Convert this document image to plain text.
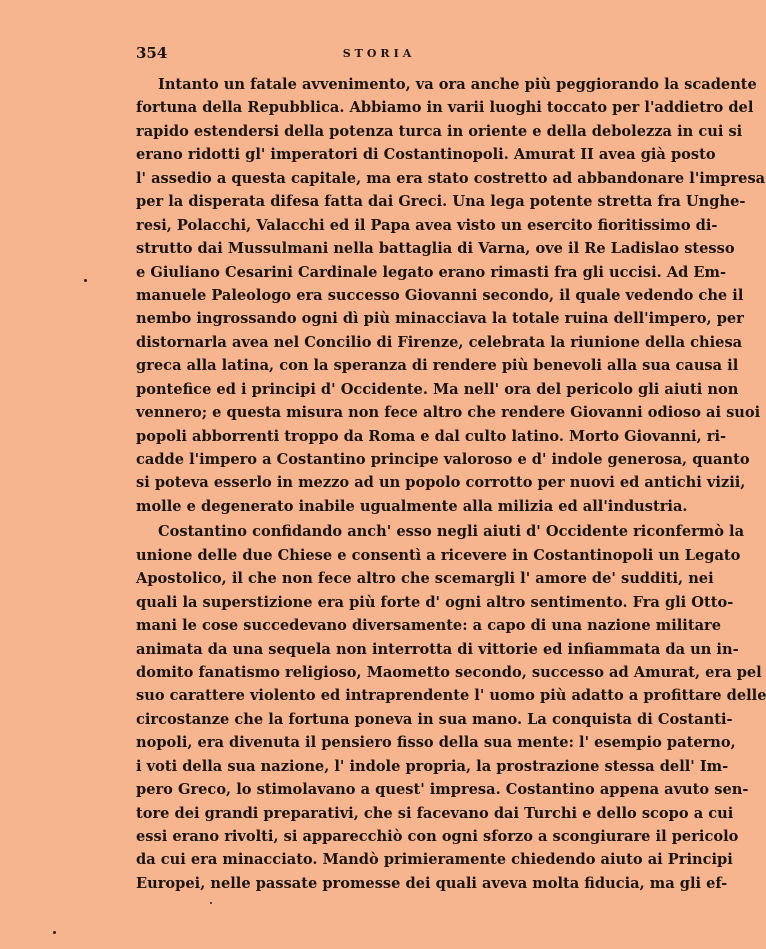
354	STORIA
Intanto un fatale avvenimento, va ora anche più peggiorando la scadente
fortuna della Repubblica. Abbiamo in varii luoghi toccato per l'addietro del
rapido estendersi della potenza turca in oriente e della debolezza in cui si
erano ridotti gl' imperatori di Costantinopoli. Amurat II avea già posto
l' assedio a questa capitale, ma era stato costretto ad abbandonare l'impresa
per la disperata difesa fatta dai Greci. Una lega potente stretta fra Unghe-
resi, Polacchi, Valacchi ed il Papa avea visto un esercito fioritissimo di-
strutto dai Mussulmani nella battaglia di Varna, ove il Re Ladislao stesso
e Giuliano Cesarini Cardinale legato erano rimasti fra gli uccisi. Ad Em-
manuele Paleologo era successo Giovanni secondo, il quale vedendo che il
nembo ingrossando ogni dì più minacciava la totale ruina dell'impero, per
distornarla avea nel Concilio di Firenze, celebrata la riunione della chiesa
greca alla latina, con la speranza di rendere più benevoli alla sua causa il
pontefice ed i principi d' Occidente. Ma nell' ora del pericolo gli aiuti non
vennero; e questa misura non fece altro che rendere Giovanni odioso ai suoi
popoli abborrenti troppo da Roma e dal culto latino. Morto Giovanni, ri-
cadde l'impero a Costantino principe valoroso e d' indole generosa, quanto
si poteva esserlo in mezzo ad un popolo corrotto per nuovi ed antichi vizii,
molle e degenerato inabile ugualmente alla milizia ed all'industria.
Costantino confidando anch' esso negli aiuti d' Occidente riconfermò la
unione delle due Chiese e consentì a ricevere in Costantinopoli un Legato
Apostolico, il che non fece altro che scemargli l' amore de' sudditi, nei
quali la superstizione era più forte d' ogni altro sentimento. Fra gli Otto-
mani le cose succedevano diversamente: a capo di una nazione militare
animata da una sequela non interrotta di vittorie ed infiammata da un in-
domito fanatismo religioso, Maometto secondo, successo ad Amurat, era pel
suo carattere violento ed intraprendente l' uomo più adatto a profittare delle
circostanze che la fortuna poneva in sua mano. La conquista di Costanti-
nopoli, era divenuta il pensiero fisso della sua mente: l' esempio paterno,
i voti della sua nazione, l' indole propria, la prostrazione stessa dell' Im-
pero Greco, lo stimolavano a quest' impresa. Costantino appena avuto sen-
tore dei grandi preparativi, che si facevano dai Turchi e dello scopo a cui
essi erano rivolti, si apparecchiò con ogni sforzo a scongiurare il pericolo
da cui era minacciato. Mandò primieramente chiedendo aiuto ai Principi
Europei, nelle passate promesse dei quali aveva molta fiducia, ma gli ef-
